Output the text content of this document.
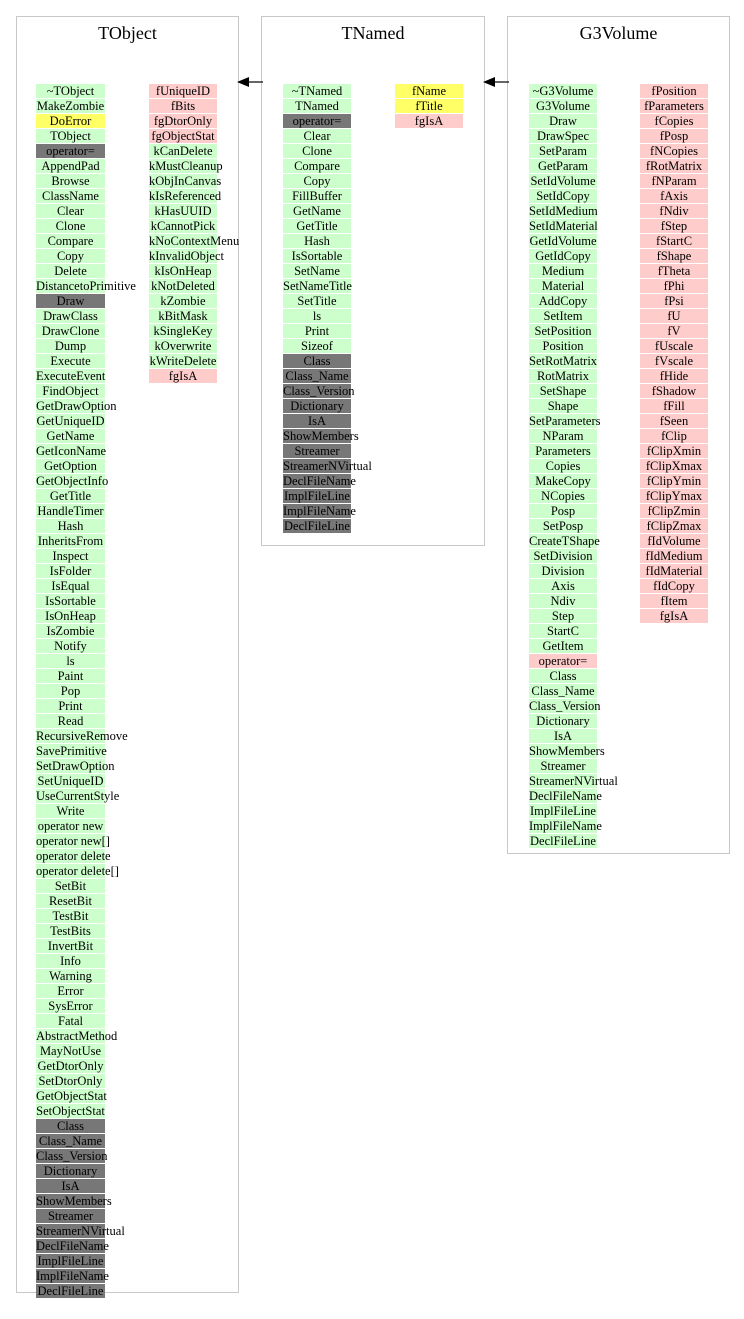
TObject
~TObject
MakeZombie
DoError
TObject
operator=
AppendPad
Browse
ClassName
Clear
Clone
Compare
Copy
Delete
DistancetoPrimitive
Draw
DrawClass
DrawClone
Dump
Execute
ExecuteEvent
FindObject
GetDrawOption
GetUniqueID
GetName
GetIconName
GetOption
GetObjectInfo
GetTitle
HandleTimer
Hash
InheritsFrom
Inspect
IsFolder
IsEqual
IsSortable
IsOnHeap
IsZombie
Notify
ls
Paint
Pop
Print
Read
RecursiveRemove
SavePrimitive
SetDrawOption
SetUniqueID
UseCurrentStyle
Write
operator new
operator new[]
operator delete
operator delete[]
SetBit
ResetBit
TestBit
TestBits
InvertBit
Info
Warning
Error
SysError
Fatal
AbstractMethod
MayNotUse
GetDtorOnly
SetDtorOnly
GetObjectStat
SetObjectStat
Class
Class_Name
Class_Version
Dictionary
IsA
ShowMembers
Streamer
StreamerNVirtual
DeclFileName
ImplFileLine
ImplFileName
DeclFileLine
fUniqueID
fBits
fgDtorOnly
fgObjectStat
kCanDelete
kMustCleanup
kObjInCanvas
kIsReferenced
kHasUUID
kCannotPick
kNoContextMenu
kInvalidObject
kIsOnHeap
kNotDeleted
kZombie
kBitMask
kSingleKey
kOverwrite
kWriteDelete
fgIsA
TNamed
~TNamed
TNamed
operator=
Clear
Clone
Compare
Copy
FillBuffer
GetName
GetTitle
Hash
IsSortable
SetName
SetNameTitle
SetTitle
ls
Print
Sizeof
Class
Class_Name
Class_Version
Dictionary
IsA
ShowMembers
Streamer
StreamerNVirtual
DeclFileName
ImplFileLine
ImplFileName
DeclFileLine
fName
fTitle
fgIsA
G3Volume
~G3Volume
G3Volume
Draw
DrawSpec
SetParam
GetParam
SetIdVolume
SetIdCopy
SetIdMedium
SetIdMaterial
GetIdVolume
GetIdCopy
Medium
Material
AddCopy
SetItem
SetPosition
Position
SetRotMatrix
RotMatrix
SetShape
Shape
SetParameters
NParam
Parameters
Copies
MakeCopy
NCopies
Posp
SetPosp
CreateTShape
SetDivision
Division
Axis
Ndiv
Step
StartC
GetItem
operator=
Class
Class_Name
Class_Version
Dictionary
IsA
ShowMembers
Streamer
StreamerNVirtual
DeclFileName
ImplFileLine
ImplFileName
DeclFileLine
fPosition
fParameters
fCopies
fPosp
fNCopies
fRotMatrix
fNParam
fAxis
fNdiv
fStep
fStartC
fShape
fTheta
fPhi
fPsi
fU
fV
fUscale
fVscale
fHide
fShadow
fFill
fSeen
fClip
fClipXmin
fClipXmax
fClipYmin
fClipYmax
fClipZmin
fClipZmax
fIdVolume
fIdMedium
fIdMaterial
fIdCopy
fItem
fgIsA
